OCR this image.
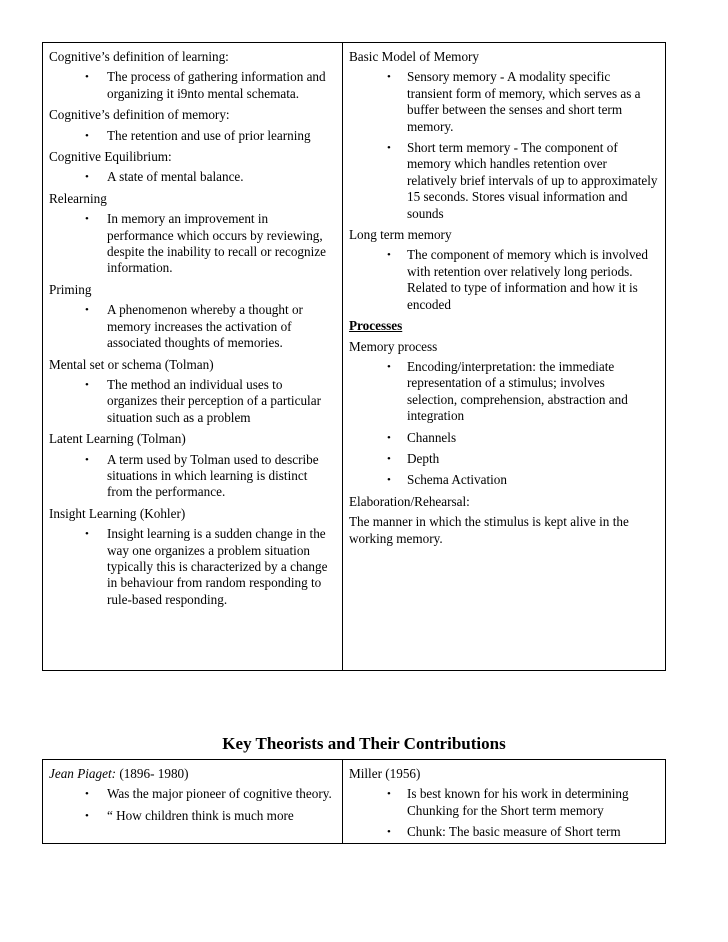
Cognitive’s definition of learning:
• The process of gathering information and organizing it i9nto mental schemata.
Cognitive’s definition of memory:
• The retention and use of prior learning
Cognitive Equilibrium:
• A state of mental balance.
Relearning
• In memory an improvement in performance which occurs by reviewing, despite the inability to recall or recognize information.
Priming
• A phenomenon whereby a thought or memory increases the activation of associated thoughts of memories.
Mental set or schema (Tolman)
• The method an individual uses to organizes their perception of a particular situation such as a problem
Latent Learning (Tolman)
• A term used by Tolman used to describe situations in which learning is distinct from the performance.
Insight Learning (Kohler)
• Insight learning is a sudden change in the way one organizes a problem situation typically this is characterized by a change in behaviour from random responding to rule-based responding.
Basic Model of Memory
• Sensory memory - A modality specific transient form of memory, which serves as a buffer between the senses and short term memory.
• Short term memory - The component of memory which handles retention over relatively brief intervals of up to approximately 15 seconds. Stores visual information and sounds
Long term memory
• The component of memory which is involved with retention over relatively long periods. Related to type of information and how it is encoded
Processes
Memory process
• Encoding/interpretation: the immediate representation of a stimulus; involves selection, comprehension, abstraction and integration
• Channels
• Depth
• Schema Activation
Elaboration/Rehearsal:
The manner in which the stimulus is kept alive in the working memory.
Key Theorists and Their Contributions
Jean Piaget: (1896- 1980)
• Was the major pioneer of cognitive theory.
• “ How children think is much more
Miller (1956)
• Is best known for his work in determining Chunking for the Short term memory
• Chunk: The basic measure of Short term
